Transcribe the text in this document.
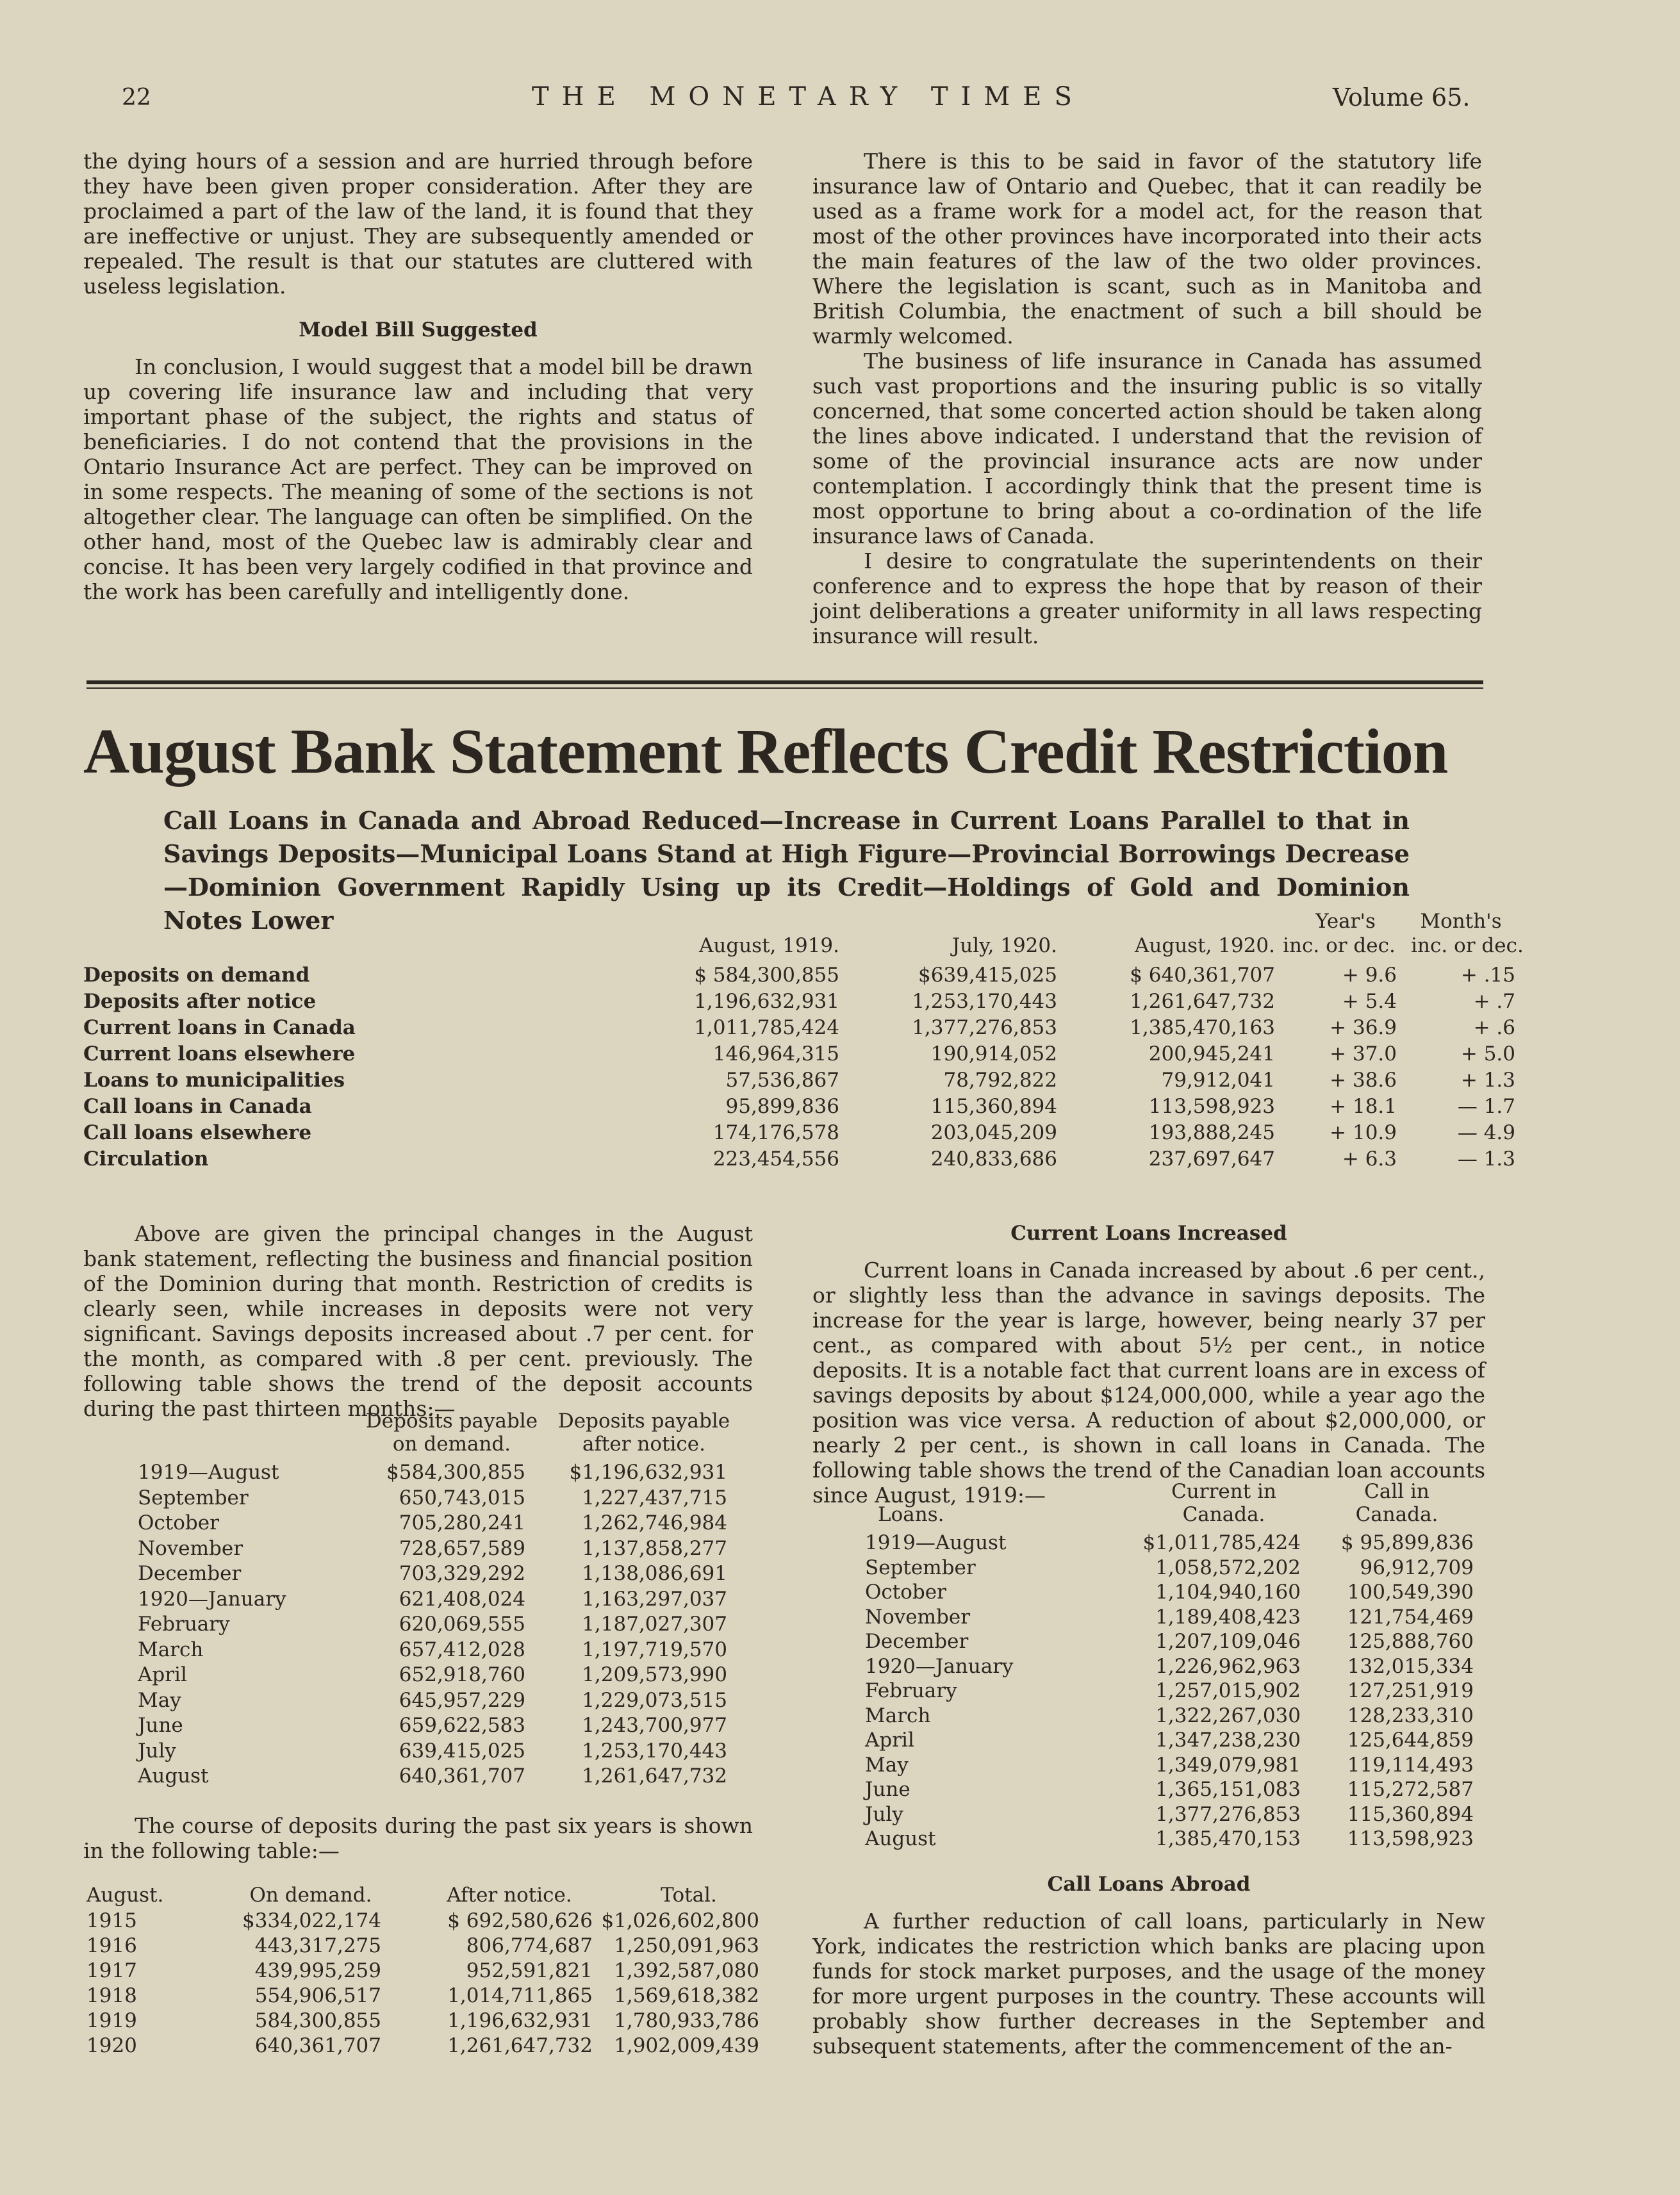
22	THE MONETARY TIMES	Volume 65.

the dying hours of a session and are hurried through before they have been given proper consideration. After they are proclaimed a part of the law of the land, it is found that they are ineffective or unjust. They are subsequently amended or repealed. The result is that our statutes are cluttered with useless legislation.

Model Bill Suggested

In conclusion, I would suggest that a model bill be drawn up covering life insurance law and including that very important phase of the subject, the rights and status of beneficiaries. I do not contend that the provisions in the Ontario Insurance Act are perfect. They can be improved on in some respects. The meaning of some of the sections is not altogether clear. The language can often be simplified. On the other hand, most of the Quebec law is admirably clear and concise. It has been very largely codified in that province and the work has been carefully and intelligently done.

There is this to be said in favor of the statutory life insurance law of Ontario and Quebec, that it can readily be used as a frame work for a model act, for the reason that most of the other provinces have incorporated into their acts the main features of the law of the two older provinces. Where the legislation is scant, such as in Manitoba and British Columbia, the enactment of such a bill should be warmly welcomed.

The business of life insurance in Canada has assumed such vast proportions and the insuring public is so vitally concerned, that some concerted action should be taken along the lines above indicated. I understand that the revision of some of the provincial insurance acts are now under contemplation. I accordingly think that the present time is most opportune to bring about a co-ordination of the life insurance laws of Canada.

I desire to congratulate the superintendents on their conference and to express the hope that by reason of their joint deliberations a greater uniformity in all laws respecting insurance will result.

August Bank Statement Reflects Credit Restriction
Call Loans in Canada and Abroad Reduced—Increase in Current Loans Parallel to that in Savings Deposits—Municipal Loans Stand at High Figure—Provincial Borrowings Decrease—Dominion Government Rapidly Using up its Credit—Holdings of Gold and Dominion Notes Lower	Year's	Month's
August, 1919.	July, 1920.	August, 1920. inc. or dec. inc. or dec.
Deposits on demand	$ 584,300,855	$639,415,025	$ 640,361,707	+ 9.6	+ .15
Deposits after notice	1,196,632,931	1,253,170,443	1,261,647,732	+ 5.4	+ .7
Current loans in Canada	1,011,785,424	1,377,276,853	1,385,470,163	+ 36.9	+ .6
Current loans elsewhere	146,964,315	190,914,052	200,945,241	+ 37.0	+ 5.0
Loans to municipalities	57,536,867	78,792,822	79,912,041	+ 38.6	+ 1.3
Call loans in Canada	95,899,836	115,360,894	113,598,923	+ 18.1	— 1.7
Call loans elsewhere	174,176,578	203,045,209	193,888,245	+ 10.9	— 4.9
Circulation	223,454,556	240,833,686	237,697,647	+ 6.3	— 1.3

Above are given the principal changes in the August bank statement, reflecting the business and financial position of the Dominion during that month. Restriction of credits is clearly seen, while increases in deposits were not very significant. Savings deposits increased about .7 per cent. for the month, as compared with .8 per cent. previously. The following table shows the trend of the deposit accounts during the past thirteen months:—

Deposits payable	Deposits payable
on demand.	after notice.
1919—August	$584,300,855	$1,196,632,931
September	650,743,015	1,227,437,715
October	705,280,241	1,262,746,984
November	728,657,589	1,137,858,277
December	703,329,292	1,138,086,691
1920—January	621,408,024	1,163,297,037
February	620,069,555	1,187,027,307
March	657,412,028	1,197,719,570
April	652,918,760	1,209,573,990
May	645,957,229	1,229,073,515
June	659,622,583	1,243,700,977
July	639,415,025	1,253,170,443
August	640,361,707	1,261,647,732

The course of deposits during the past six years is shown in the following table:—

August.	On demand.	After notice.	Total.
1915	$334,022,174	$ 692,580,626 $1,026,602,800
1916	443,317,275	806,774,687	1,250,091,963
1917	439,995,259	952,591,821	1,392,587,080
1918	554,906,517	1,014,711,865	1,569,618,382
1919	584,300,855	1,196,632,931	1,780,933,786
1920	640,361,707	1,261,647,732	1,902,009,439
Current Loans Increased

Current loans in Canada increased by about .6 per cent., or slightly less than the advance in savings deposits. The increase for the year is large, however, being nearly 37 per cent., as compared with about 5½ per cent., in notice deposits. It is a notable fact that current loans are in excess of savings deposits by about $124,000,000, while a year ago the position was vice versa. A reduction of about $2,000,000, or nearly 2 per cent., is shown in call loans in Canada. The following table shows the trend of the Canadian loan accounts since August, 1919:—	Current in	Call in
Loans.	Canada.	Canada.
1919—August	$1,011,785,424	$ 95,899,836
September	1,058,572,202	96,912,709
October	1,104,940,160	100,549,390
November	1,189,408,423	121,754,469
December	1,207,109,046	125,888,760
1920—January	1,226,962,963	132,015,334
February	1,257,015,902	127,251,919
March	1,322,267,030	128,233,310
April	1,347,238,230	125,644,859
May	1,349,079,981	119,114,493
June	1,365,151,083	115,272,587
July	1,377,276,853	115,360,894
August	1,385,470,153	113,598,923
Call Loans Abroad

A further reduction of call loans, particularly in New York, indicates the restriction which banks are placing upon funds for stock market purposes, and the usage of the money for more urgent purposes in the country. These accounts will probably show further decreases in the September and subsequent statements, after the commencement of the an-
